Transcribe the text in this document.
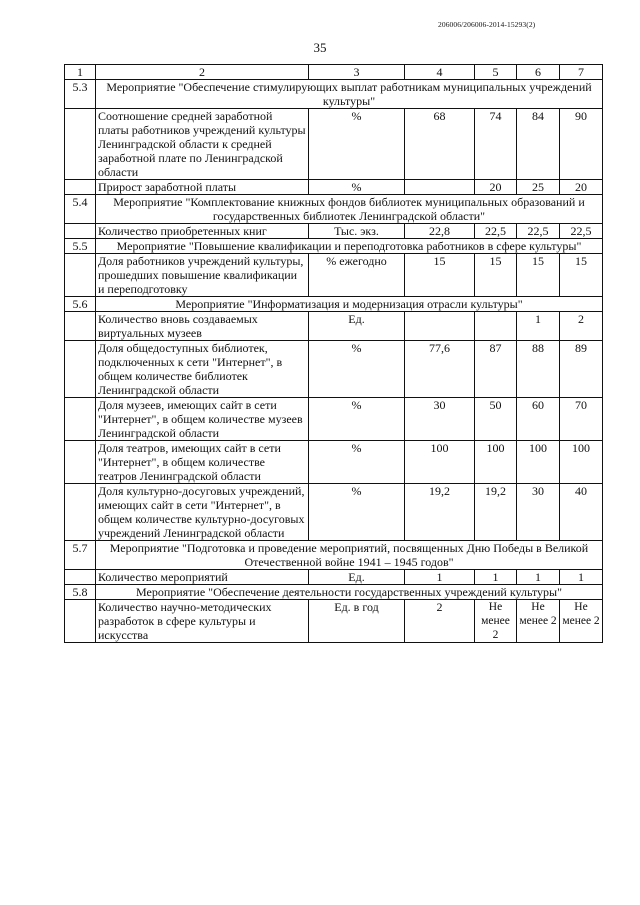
206006/206006-2014-15293(2)
35
1	2	3	4	5	6	7
5.3	Мероприятие "Обеспечение стимулирующих выплат работникам муниципальных учреждений культуры"					
	Соотношение средней заработной платы работников учреждений культуры Ленинградской области к средней заработной плате по Ленинградской области	%	68	74	84	90
	Прирост заработной платы	%		20	25	20
5.4	Мероприятие "Комплектование книжных фондов библиотек муниципальных образований и государственных библиотек Ленинградской области"					
	Количество приобретенных книг	Тыс. экз.	22,8	22,5	22,5	22,5
5.5	Мероприятие "Повышение квалификации и переподготовка работников в сфере культуры"					
	Доля работников учреждений культуры, прошедших повышение квалификации и переподготовку	% ежегодно	15	15	15	15
5.6	Мероприятие "Информатизация и модернизация отрасли культуры"					
	Количество вновь создаваемых виртуальных музеев	Ед.			1	2
	Доля общедоступных библиотек, подключенных к сети "Интернет", в общем количестве библиотек Ленинградской области	%	77,6	87	88	89
	Доля музеев, имеющих сайт в сети "Интернет", в общем количестве музеев Ленинградской области	%	30	50	60	70
	Доля театров, имеющих сайт в сети "Интернет", в общем количестве театров Ленинградской области	%	100	100	100	100
	Доля культурно-досуговых учреждений, имеющих сайт в сети "Интернет", в общем количестве культурно-досуговых учреждений Ленинградской области	%	19,2	19,2	30	40
5.7	Мероприятие "Подготовка и проведение мероприятий, посвященных Дню Победы в Великой Отечественной войне 1941 – 1945 годов"					
	Количество мероприятий	Ед.	1	1	1	1
5.8	Мероприятие "Обеспечение деятельности государственных учреждений культуры"					
	Количество научно-методических разработок в сфере культуры и искусства	Ед. в год	2	Не менее 2	Не менее 2	Не менее 2
